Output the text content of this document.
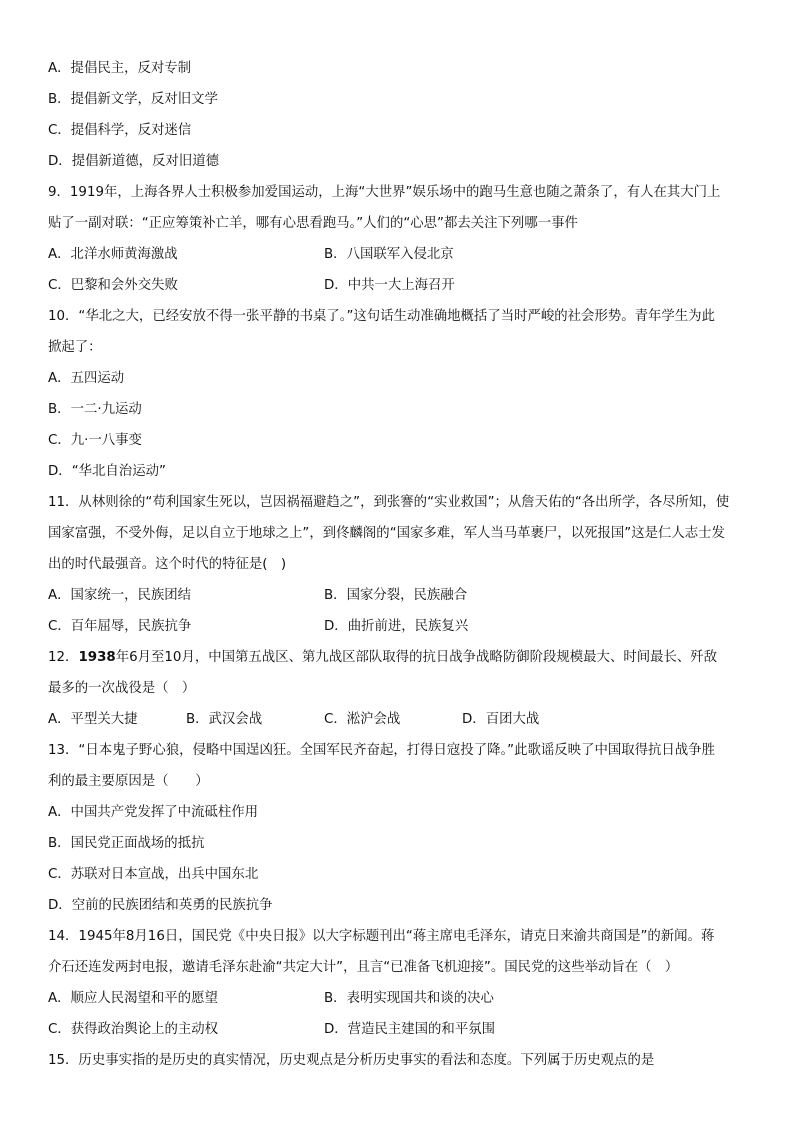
A．提倡民主，反对专制
B．提倡新文学，反对旧文学
C．提倡科学，反对迷信
D．提倡新道德，反对旧道德
9．1919年，上海各界人士积极参加爱国运动，上海“大世界”娱乐场中的跑马生意也随之萧条了，有人在其大门上
贴了一副对联：“正应筹策补亡羊，哪有心思看跑马。”人们的“心思”都去关注下列哪一事件
A．北洋水师黄海激战	B．八国联军入侵北京
C．巴黎和会外交失败	D．中共一大上海召开
10．“华北之大，已经安放不得一张平静的书桌了。”这句话生动准确地概括了当时严峻的社会形势。青年学生为此
掀起了：
A．五四运动
B．一二·九运动
C．九·一八事变
D．“华北自治运动”
11．从林则徐的“苟利国家生死以，岂因祸福避趋之”，到张謇的“实业救国”；从詹天佑的“各出所学，各尽所知，使
国家富强，不受外侮，足以自立于地球之上”，到佟麟阁的“国家多难，军人当马革裹尸，以死报国”这是仁人志士发
出的时代最强音。这个时代的特征是(　)
A．国家统一，民族团结	B．国家分裂，民族融合
C．百年屈辱，民族抗争	D．曲折前进，民族复兴
12．1938年6月至10月，中国第五战区、第九战区部队取得的抗日战争战略防御阶段规模最大、时间最长、歼敌
最多的一次战役是（　）
A．平型关大捷	B．武汉会战	C．淞沪会战	D．百团大战
13．“日本鬼子野心狼，侵略中国逞凶狂。全国军民齐奋起，打得日寇投了降。”此歌谣反映了中国取得抗日战争胜
利的最主要原因是（　　）
A．中国共产党发挥了中流砥柱作用
B．国民党正面战场的抵抗
C．苏联对日本宣战，出兵中国东北
D．空前的民族团结和英勇的民族抗争
14．1945年8月16日，国民党《中央日报》以大字标题刊出“蒋主席电毛泽东，请克日来渝共商国是”的新闻。蒋
介石还连发两封电报，邀请毛泽东赴渝“共定大计”，且言“已准备飞机迎接”。国民党的这些举动旨在（　）
A．顺应人民渴望和平的愿望	B．表明实现国共和谈的决心
C．获得政治舆论上的主动权	D．营造民主建国的和平氛围
15．历史事实指的是历史的真实情况，历史观点是分析历史事实的看法和态度。下列属于历史观点的是
